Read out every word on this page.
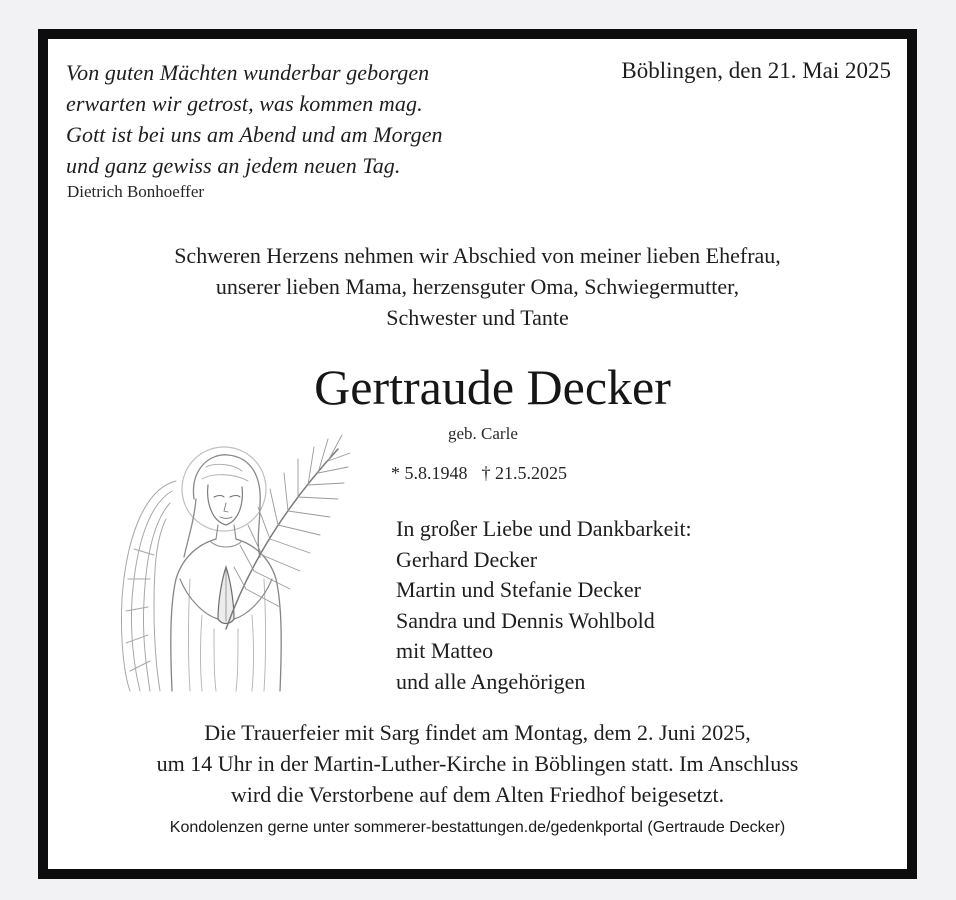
Von guten Mächten wunderbar geborgen
erwarten wir getrost, was kommen mag.
Gott ist bei uns am Abend und am Morgen
und ganz gewiss an jedem neuen Tag.
Dietrich Bonhoeffer
Böblingen, den 21. Mai 2025
Schweren Herzens nehmen wir Abschied von meiner lieben Ehefrau,
unserer lieben Mama, herzensguter Oma, Schwiegermutter,
Schwester und Tante
Gertraude Decker
geb. Carle
* 5.8.1948 † 21.5.2025
In großer Liebe und Dankbarkeit:
Gerhard Decker
Martin und Stefanie Decker
Sandra und Dennis Wohlbold
mit Matteo
und alle Angehörigen
Die Trauerfeier mit Sarg findet am Montag, dem 2. Juni 2025,
um 14 Uhr in der Martin-Luther-Kirche in Böblingen statt. Im Anschluss
wird die Verstorbene auf dem Alten Friedhof beigesetzt.
Kondolenzen gerne unter sommerer-bestattungen.de/gedenkportal (Gertraude Decker)
